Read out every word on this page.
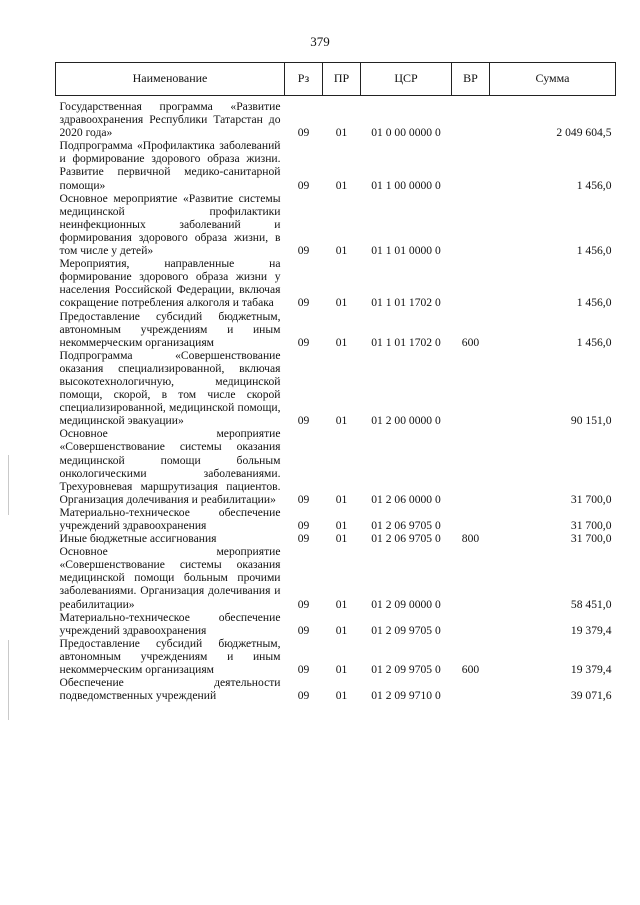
379
Наименование	Рз	ПР	ЦСР	ВР	Сумма
Государственная программа «Развитие здравоохранения Республики Татарстан до 2020 года»	09	01	01 0 00 0000 0		2 049 604,5
Подпрограмма «Профилактика заболеваний и формирование здорового образа жизни. Развитие первичной медико-санитарной помощи»	09	01	01 1 00 0000 0		1 456,0
Основное мероприятие «Развитие системы медицинской профилактики неинфекционных заболеваний и формирования здорового образа жизни, в том числе у детей»	09	01	01 1 01 0000 0		1 456,0
Мероприятия, направленные на формирование здорового образа жизни у населения Российской Федерации, включая сокращение потребления алкоголя и табака	09	01	01 1 01 1702 0		1 456,0
Предоставление субсидий бюджетным, автономным учреждениям и иным некоммерческим организациям	09	01	01 1 01 1702 0	600	1 456,0
Подпрограмма «Совершенствование оказания специализированной, включая высокотехнологичную, медицинской помощи, скорой, в том числе скорой специализированной, медицинской помощи, медицинской эвакуации»	09	01	01 2 00 0000 0		90 151,0
Основное мероприятие «Совершенствование системы оказания медицинской помощи больным онкологическими заболеваниями. Трехуровневая маршрутизация пациентов. Организация долечивания и реабилитации»	09	01	01 2 06 0000 0		31 700,0
Материально-техническое обеспечение учреждений здравоохранения	09	01	01 2 06 9705 0		31 700,0
Иные бюджетные ассигнования	09	01	01 2 06 9705 0	800	31 700,0
Основное мероприятие «Совершенствование системы оказания медицинской помощи больным прочими заболеваниями. Организация долечивания и реабилитации»	09	01	01 2 09 0000 0		58 451,0
Материально-техническое обеспечение учреждений здравоохранения	09	01	01 2 09 9705 0		19 379,4
Предоставление субсидий бюджетным, автономным учреждениям и иным некоммерческим организациям	09	01	01 2 09 9705 0	600	19 379,4
Обеспечение деятельности подведомственных учреждений	09	01	01 2 09 9710 0		39 071,6
